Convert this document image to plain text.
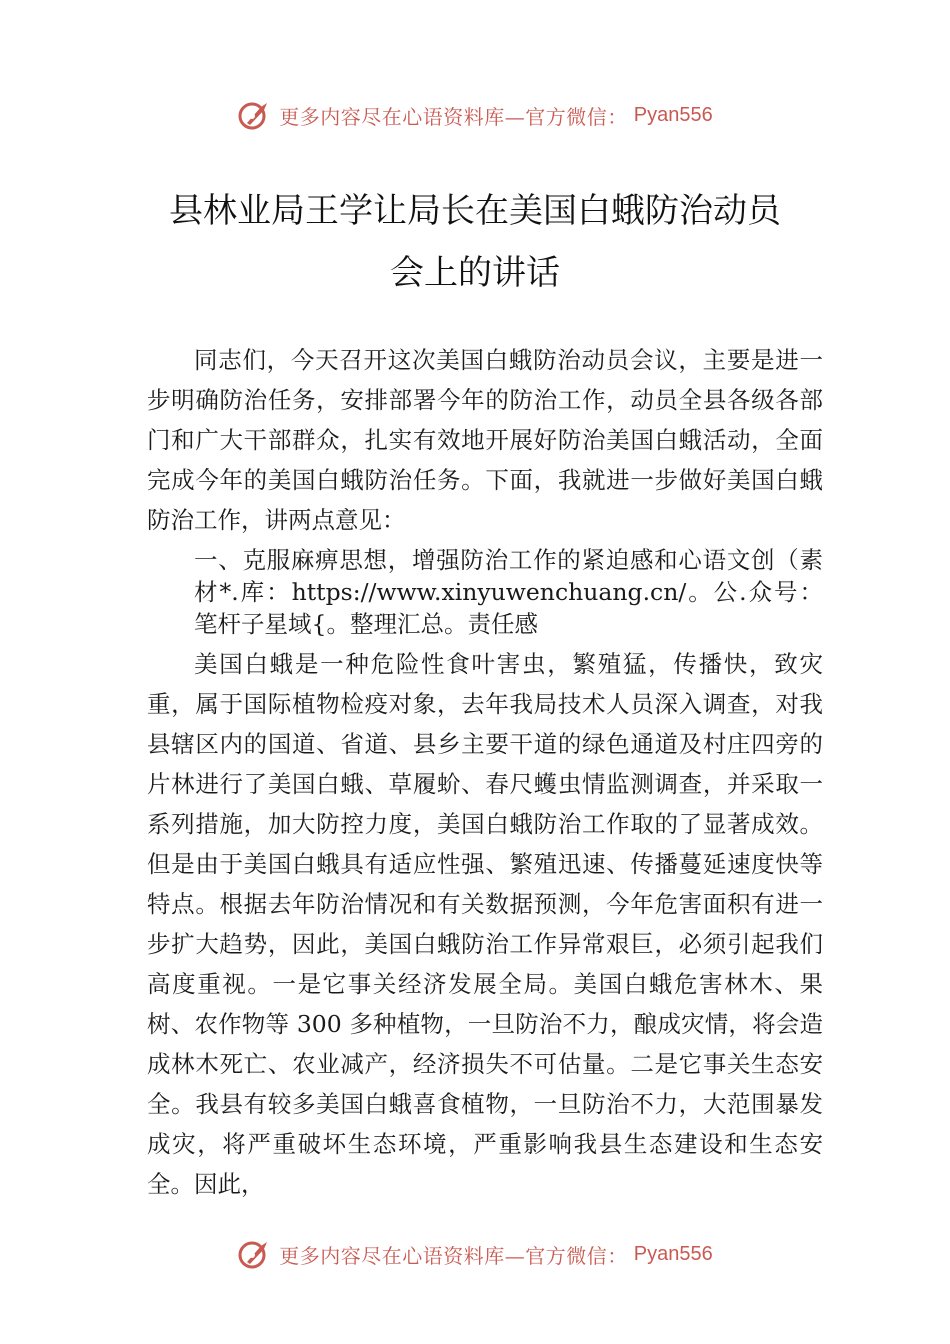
更多内容尽在心语资料库—官方微信： Pyan556
县林业局王学让局长在美国白蛾防治动员
会上的讲话

同志们，今天召开这次美国白蛾防治动员会议，主要是进一步明确防治任务，安排部署今年的防治工作，动员全县各级各部门和广大干部群众，扎实有效地开展好防治美国白蛾活动，全面完成今年的美国白蛾防治任务。下面，我就进一步做好美国白蛾防治工作，讲两点意见：

一、克服麻痹思想，增强防治工作的紧迫感和心语文创（素材*.库：https://www.xinyuwenchuang.cn/。公.众号：笔杆子星域{。整理汇总。责任感

美国白蛾是一种危险性食叶害虫，繁殖猛，传播快，致灾重，属于国际植物检疫对象，去年我局技术人员深入调查，对我县辖区内的国道、省道、县乡主要干道的绿色通道及村庄四旁的片林进行了美国白蛾、草履蚧、春尺蠖虫情监测调查，并采取一系列措施，加大防控力度，美国白蛾防治工作取的了显著成效。但是由于美国白蛾具有适应性强、繁殖迅速、传播蔓延速度快等特点。根据去年防治情况和有关数据预测，今年危害面积有进一步扩大趋势，因此，美国白蛾防治工作异常艰巨，必须引起我们高度重视。一是它事关经济发展全局。美国白蛾危害林木、果树、农作物等 300 多种植物，一旦防治不力，酿成灾情，将会造成林木死亡、农业减产，经济损失不可估量。二是它事关生态安全。我县有较多美国白蛾喜食植物，一旦防治不力，大范围暴发成灾，将严重破坏生态环境，严重影响我县生态建设和生态安全。因此，

更多内容尽在心语资料库—官方微信： Pyan556
